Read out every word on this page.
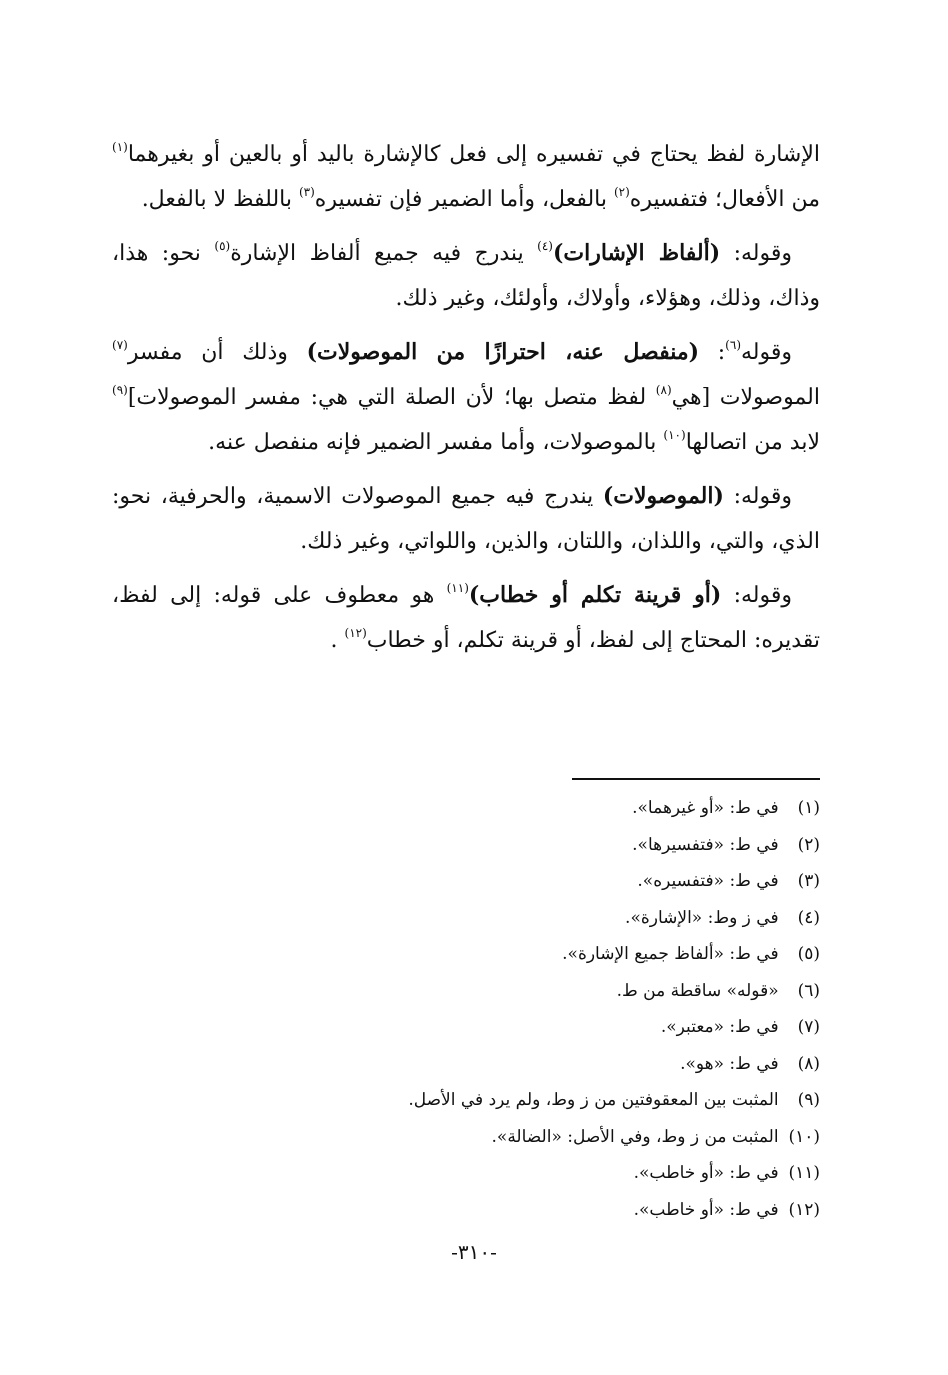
الإشارة لفظ يحتاج في تفسيره إلى فعل كالإشارة باليد أو بالعين أو بغيرهما$^{(١)}$ من الأفعال؛ فتفسيره$^{(٢)}$ بالفعل، وأما الضمير فإن تفسيره$^{(٣)}$ باللفظ لا بالفعل.

وقوله: (ألفاظ الإشارات)$^{(٤)}$ يندرج فيه جميع ألفاظ الإشارة$^{(٥)}$ نحو: هذا، وذاك، وذلك، وهؤلاء، وأولاك، وأولئك، وغير ذلك.

وقوله$^{(٦)}$: (منفصل عنه، احترازًا من الموصولات) وذلك أن مفسر$^{(٧)}$ الموصولات [هي$^{(٨)}$ لفظ متصل بها؛ لأن الصلة التي هي: مفسر الموصولات]$^{(٩)}$ لابد من اتصالها$^{(١٠)}$ بالموصولات، وأما مفسر الضمير فإنه منفصل عنه.

وقوله: (الموصولات) يندرج فيه جميع الموصولات الاسمية، والحرفية، نحو: الذي، والتي، واللذان، واللتان، والذين، واللواتي، وغير ذلك.

وقوله: (أو قرينة تكلم أو خطاب)$^{(١١)}$ هو معطوف على قوله: إلى لفظ، تقديره: المحتاج إلى لفظ، أو قرينة تكلم، أو خطاب$^{(١٢)}$ .

(١) في ط: «أو غيرهما».
(٢) في ط: «فتفسيرها».
(٣) في ط: «فتفسيره».
(٤) في ز وط: «الإشارة».
(٥) في ط: «ألفاظ جميع الإشارة».
(٦) «قوله» ساقطة من ط.
(٧) في ط: «معتبر».
(٨) في ط: «هو».
(٩) المثبت بين المعقوفتين من ز وط، ولم يرد في الأصل.
(١٠) المثبت من ز وط، وفي الأصل: «الضالة».
(١١) في ط: «أو خاطب».
(١٢) في ط: «أو خاطب».
-٣١٠-
